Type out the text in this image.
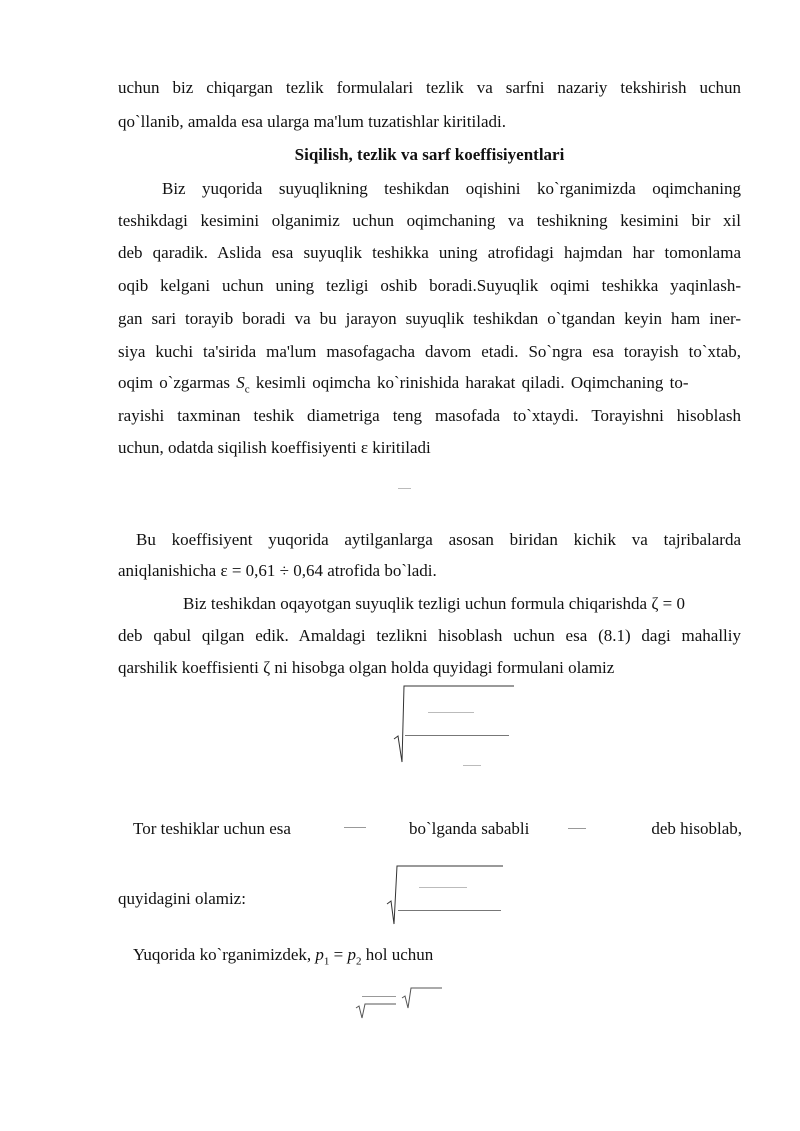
uchun biz chiqargan tezlik formulalari tezlik va sarfni nazariy tekshirish uchun
qo`llanib, amalda esa ularga ma'lum tuzatishlar kiritiladi.
Siqilish, tezlik va sarf koeffisiyentlari
Biz yuqorida suyuqlikning teshikdan oqishini ko`rganimizda oqimchaning
teshikdagi kesimini olganimiz uchun oqimchaning va teshikning kesimini bir xil
deb qaradik. Aslida esa suyuqlik teshikka uning atrofidagi hajmdan har tomonlama
oqib kelgani uchun uning tezligi oshib boradi.Suyuqlik oqimi teshikka yaqinlash-
gan sari torayib boradi va bu jarayon suyuqlik teshikdan o`tgandan keyin ham iner-
siya kuchi ta'sirida ma'lum masofagacha davom etadi. So`ngra esa torayish to`xtab,
oqim o`zgarmas $S_c$ kesimli oqimcha ko`rinishida harakat qiladi. Oqimchaning to-
rayishi taxminan teshik diametriga teng masofada to`xtaydi. Torayishni hisoblash
uchun, odatda siqilish koeffisiyenti ε kiritiladi
Bu koeffisiyent yuqorida aytilganlarga asosan biridan kichik va tajribalarda
aniqlanishicha ε = 0,61 ÷ 0,64 atrofida bo`ladi.
Biz teshikdan oqayotgan suyuqlik tezligi uchun formula chiqarishda ζ = 0
deb qabul qilgan edik. Amaldagi tezlikni hisoblash uchun esa (8.1) dagi mahalliy
qarshilik koeffisienti ζ ni hisobga olgan holda quyidagi formulani olamiz
Tor teshiklar uchun esa	bo`lganda sababli	deb hisoblab,
quyidagini olamiz:
Yuqorida ko`rganimizdek, $p_1 = p_2$ hol uchun
